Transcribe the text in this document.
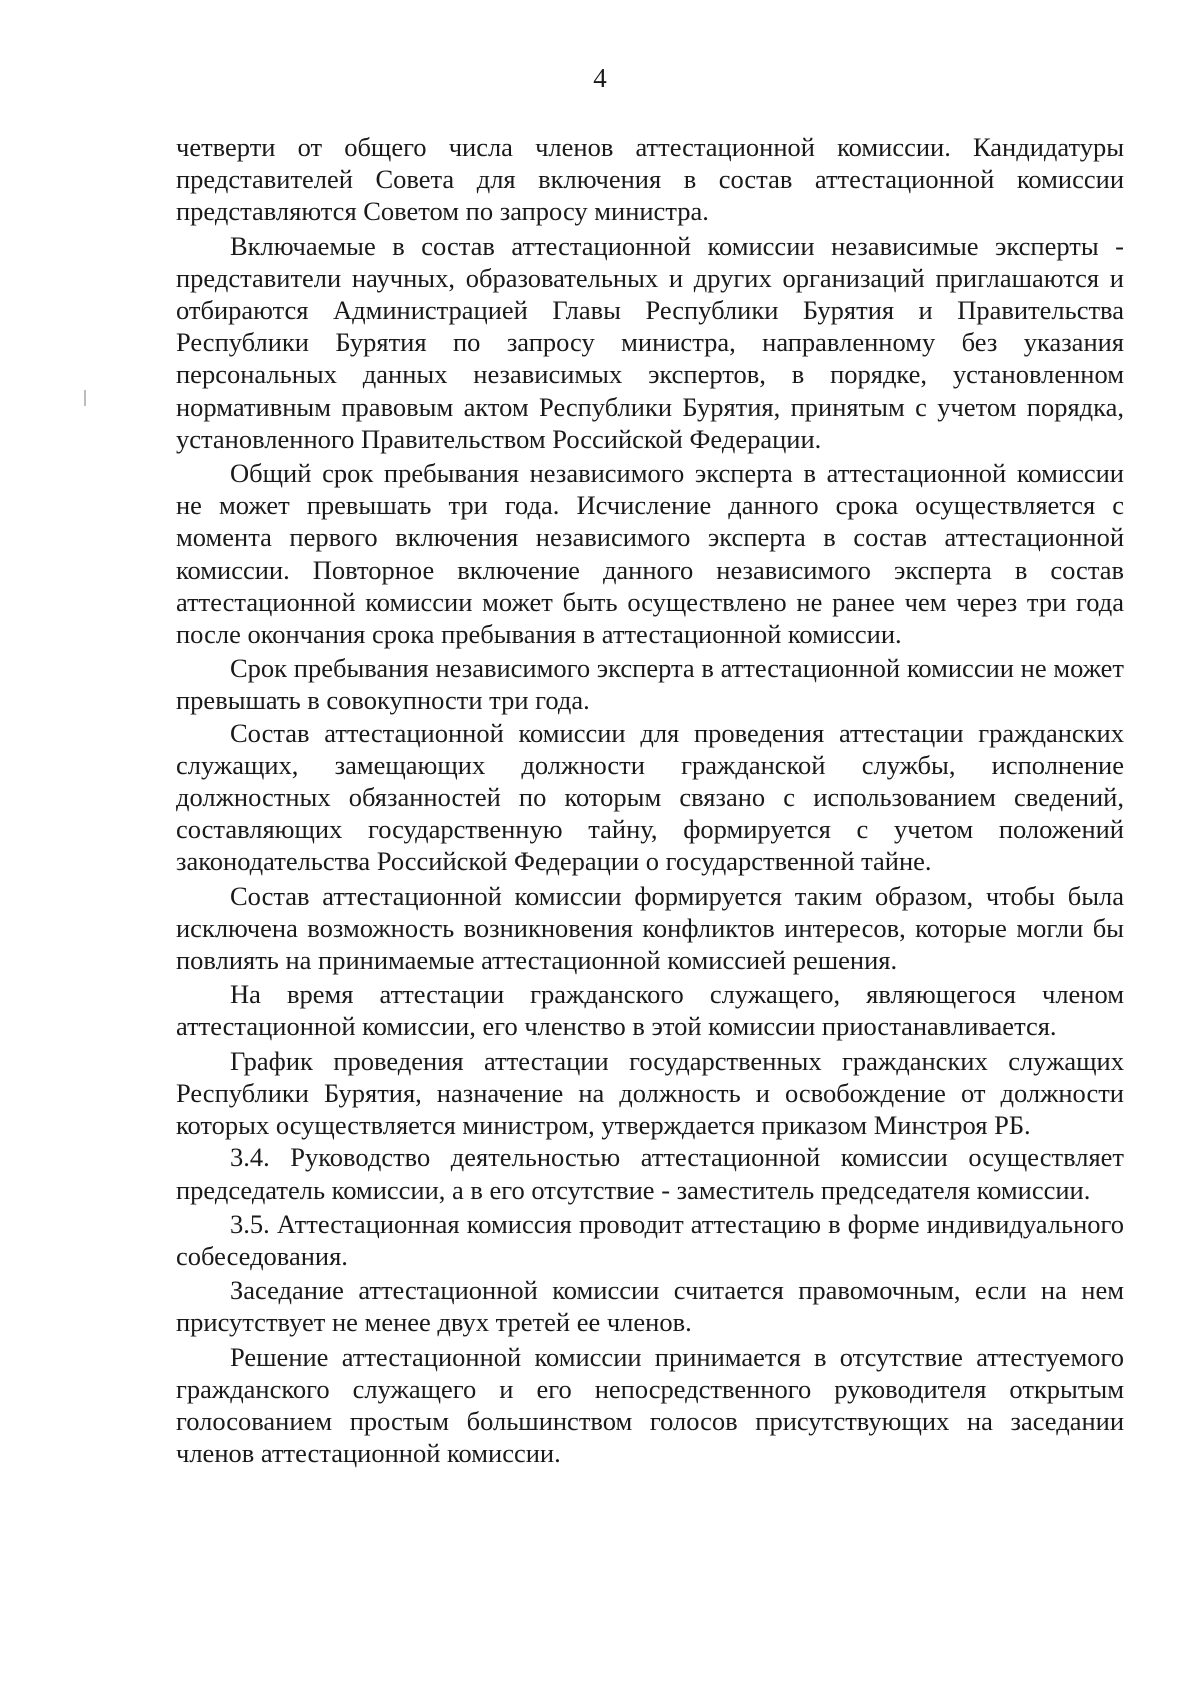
4

четверти от общего числа членов аттестационной комиссии. Кандидатуры представителей Совета для включения в состав аттестационной комиссии представляются Советом по запросу министра.

Включаемые в состав аттестационной комиссии независимые эксперты - представители научных, образовательных и других организаций приглашаются и отбираются Администрацией Главы Республики Бурятия и Правительства Республики Бурятия по запросу министра, направленному без указания персональных данных независимых экспертов, в порядке, установленном нормативным правовым актом Республики Бурятия, принятым с учетом порядка, установленного Правительством Российской Федерации.

Общий срок пребывания независимого эксперта в аттестационной комиссии не может превышать три года. Исчисление данного срока осуществляется с момента первого включения независимого эксперта в состав аттестационной комиссии. Повторное включение данного независимого эксперта в состав аттестационной комиссии может быть осуществлено не ранее чем через три года после окончания срока пребывания в аттестационной комиссии.

Срок пребывания независимого эксперта в аттестационной комиссии не может превышать в совокупности три года.

Состав аттестационной комиссии для проведения аттестации гражданских служащих, замещающих должности гражданской службы, исполнение должностных обязанностей по которым связано с использованием сведений, составляющих государственную тайну, формируется с учетом положений законодательства Российской Федерации о государственной тайне.

Состав аттестационной комиссии формируется таким образом, чтобы была исключена возможность возникновения конфликтов интересов, которые могли бы повлиять на принимаемые аттестационной комиссией решения.

На время аттестации гражданского служащего, являющегося членом аттестационной комиссии, его членство в этой комиссии приостанавливается.

График проведения аттестации государственных гражданских служащих Республики Бурятия, назначение на должность и освобождение от должности которых осуществляется министром, утверждается приказом Минстроя РБ.

3.4. Руководство деятельностью аттестационной комиссии осуществляет председатель комиссии, а в его отсутствие - заместитель председателя комиссии.

3.5. Аттестационная комиссия проводит аттестацию в форме индивидуального собеседования.

Заседание аттестационной комиссии считается правомочным, если на нем присутствует не менее двух третей ее членов.

Решение аттестационной комиссии принимается в отсутствие аттестуемого гражданского служащего и его непосредственного руководителя открытым голосованием простым большинством голосов присутствующих на заседании членов аттестационной комиссии.
